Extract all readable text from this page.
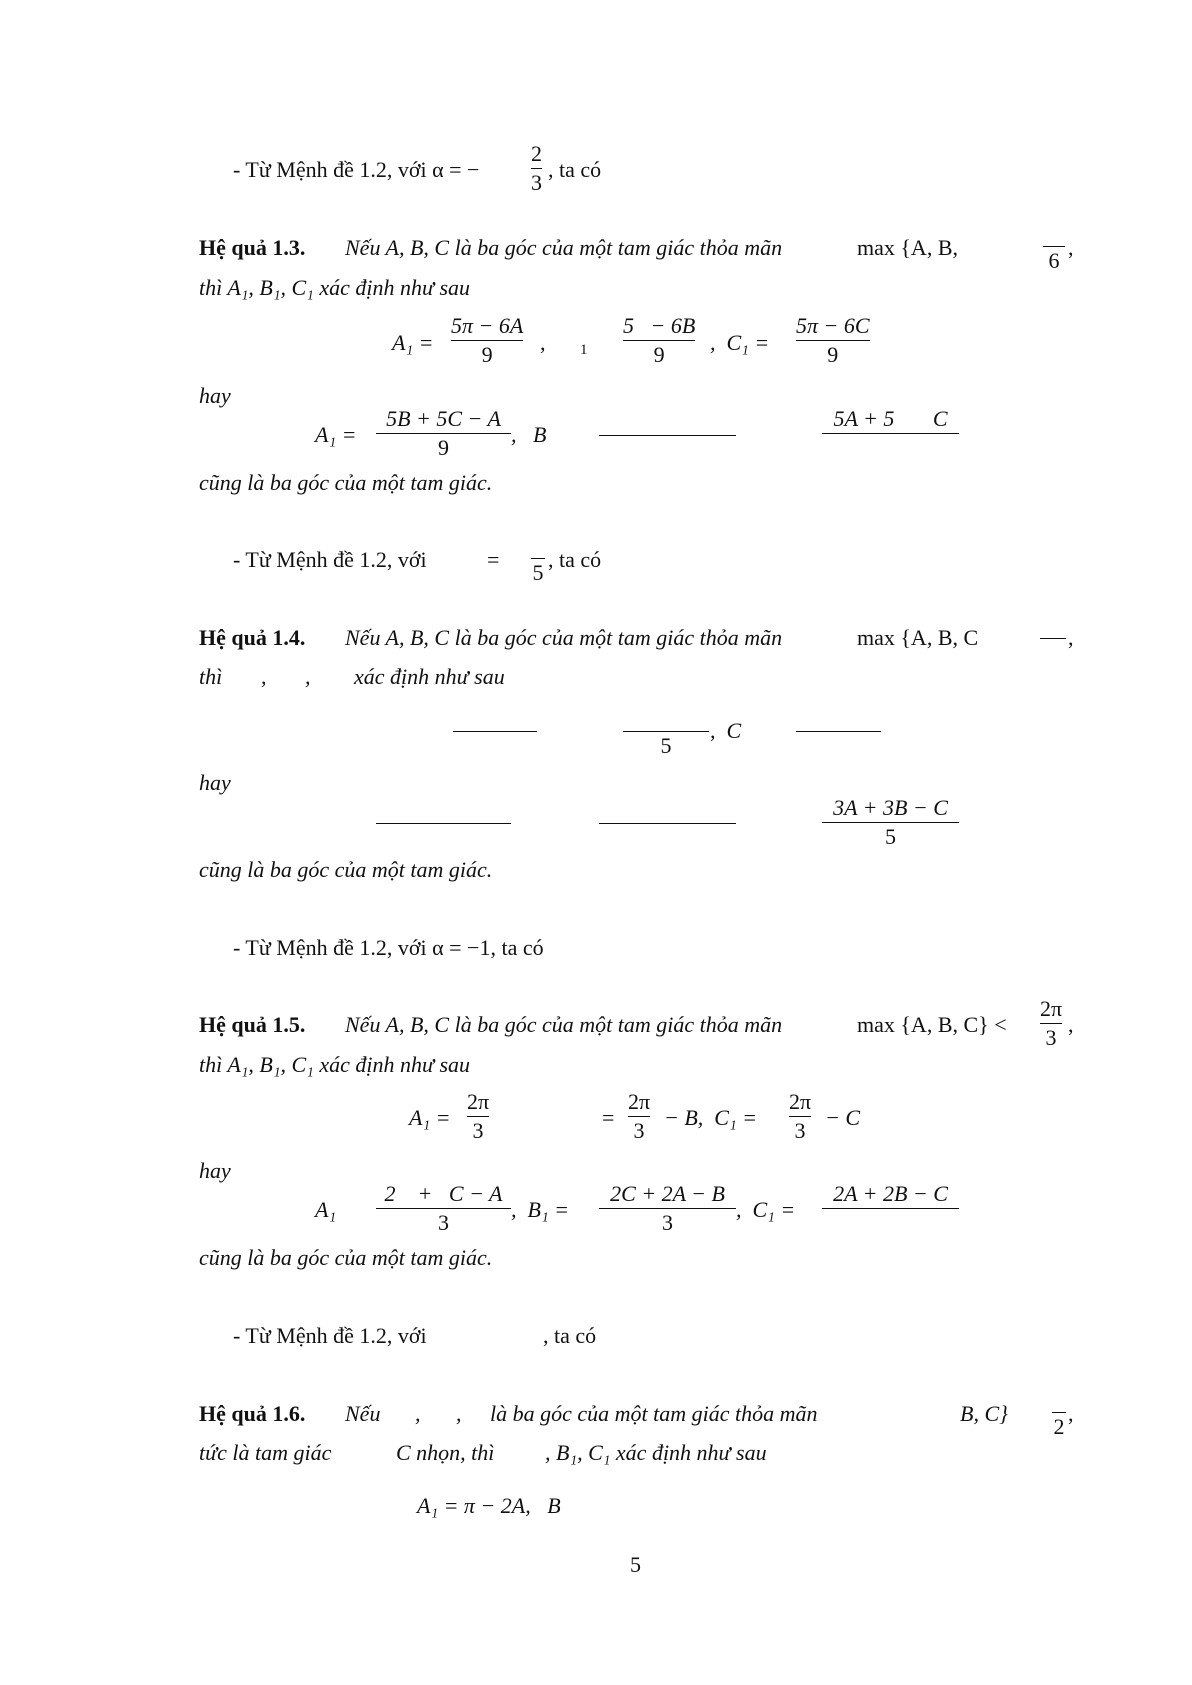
- Từ Mệnh đề 1.2, với α = − $\frac{2}{3}$ , ta có
Hệ quả 1.3. Nếu A, B, C là ba góc của một tam giác thỏa mãn	max {A, B,
6
,
thì A₁, B₁, C₁ xác định như sau
$A_1 = \frac{5\pi - 6A}{9}$ , $1 \frac{5 - 6B}{9}$ ,  $C_1 = \frac{5\pi - 6C}{9}$
hay
$A_1 = \frac{5B + 5C - A}{9}$ ,   B
5A + 5       C
cũng là ba góc của một tam giác.
- Từ Mệnh đề 1.2, với	=
5
, ta có
Hệ quả 1.4. Nếu A, B, C là ba góc của một tam giác thỏa mãn	max {A, B, C	,
thì , , xác định như sau
5
,  C
hay
$\frac{3A + 3B - C}{5}$
cũng là ba góc của một tam giác.
- Từ Mệnh đề 1.2, với α = −1, ta có
Hệ quả 1.5. Nếu A, B, C là ba góc của một tam giác thỏa mãn	max {A, B, $C\} < \frac{2\pi}{3}$ ,
thì A₁, B₁, C₁ xác định như sau
$A_1 = \frac{2\pi}{3}$	= $\frac{2\pi}{3} - B$,  $C_1 = \frac{2\pi}{3} - C$
hay
$A_1 \frac{2 + C - A}{3}$ ,  $B_1 = \frac{2C + 2A - B}{3}$ ,  C₁ =
2A + 2B − C
cũng là ba góc của một tam giác.
- Từ Mệnh đề 1.2, với	, ta có
Hệ quả 1.6. Nếu , , là ba góc của một tam giác thỏa mãn	B, C}
2
,
tức là tam giác	C nhọn, thì , B₁, C₁ xác định như sau
A₁ = π − 2A,   B
5
